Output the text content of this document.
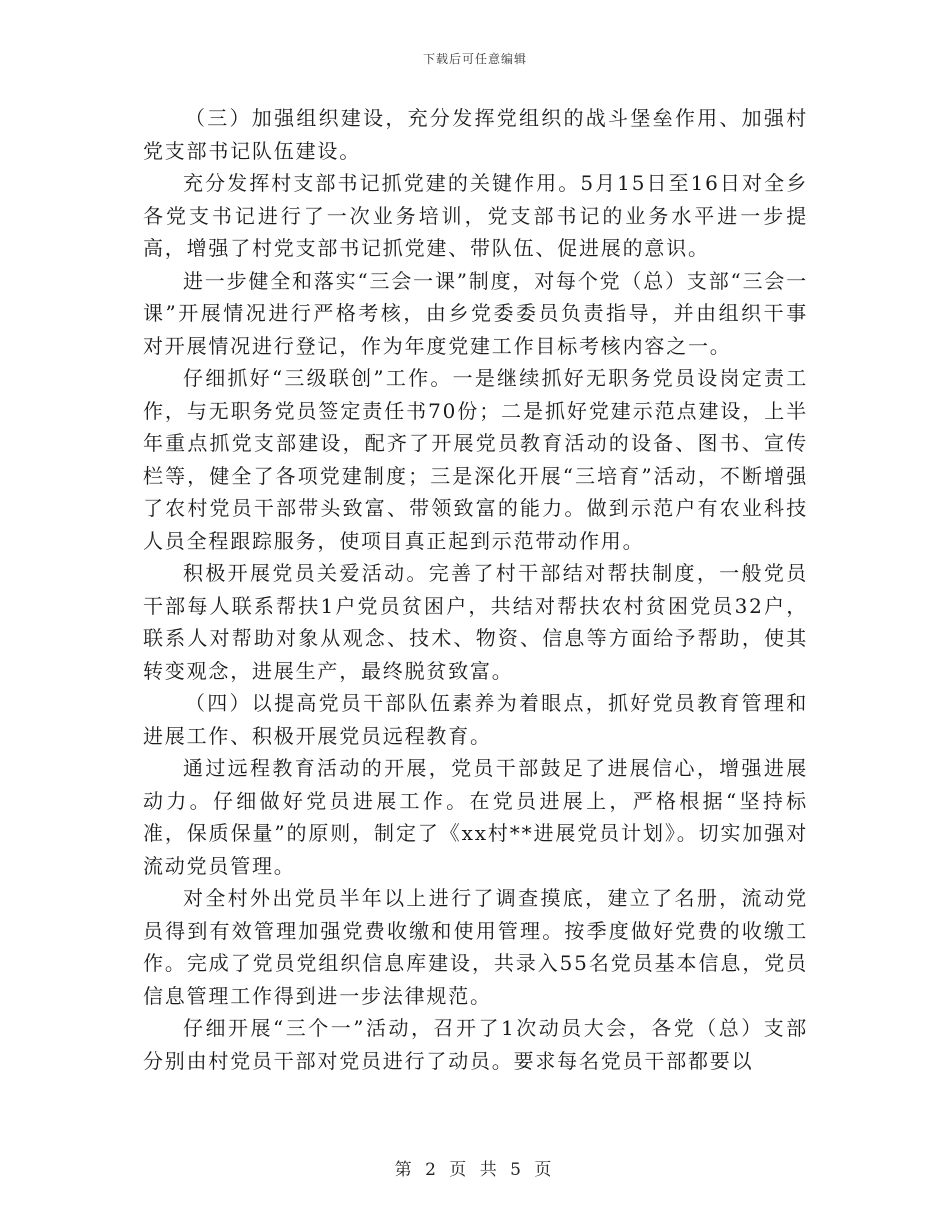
下载后可任意编辑

（三）加强组织建设，充分发挥党组织的战斗堡垒作用、加强村党支部书记队伍建设。

充分发挥村支部书记抓党建的关键作用。5月15日至16日对全乡各党支书记进行了一次业务培训，党支部书记的业务水平进一步提高，增强了村党支部书记抓党建、带队伍、促进展的意识。

进一步健全和落实“三会一课”制度，对每个党（总）支部“三会一课”开展情况进行严格考核，由乡党委委员负责指导，并由组织干事对开展情况进行登记，作为年度党建工作目标考核内容之一。

仔细抓好“三级联创”工作。一是继续抓好无职务党员设岗定责工作，与无职务党员签定责任书70份；二是抓好党建示范点建设，上半年重点抓党支部建设，配齐了开展党员教育活动的设备、图书、宣传栏等，健全了各项党建制度；三是深化开展“三培育”活动，不断增强了农村党员干部带头致富、带领致富的能力。做到示范户有农业科技人员全程跟踪服务，使项目真正起到示范带动作用。

积极开展党员关爱活动。完善了村干部结对帮扶制度，一般党员干部每人联系帮扶1户党员贫困户，共结对帮扶农村贫困党员32户，联系人对帮助对象从观念、技术、物资、信息等方面给予帮助，使其转变观念，进展生产，最终脱贫致富。

（四）以提高党员干部队伍素养为着眼点，抓好党员教育管理和进展工作、积极开展党员远程教育。

通过远程教育活动的开展，党员干部鼓足了进展信心，增强进展动力。仔细做好党员进展工作。在党员进展上，严格根据“坚持标准，保质保量”的原则，制定了《xx村**进展党员计划》。切实加强对流动党员管理。

对全村外出党员半年以上进行了调查摸底，建立了名册，流动党员得到有效管理加强党费收缴和使用管理。按季度做好党费的收缴工作。完成了党员党组织信息库建设，共录入55名党员基本信息，党员信息管理工作得到进一步法律规范。

仔细开展“三个一”活动，召开了1次动员大会，各党（总）支部分别由村党员干部对党员进行了动员。要求每名党员干部都要以

第 2 页 共 5 页
